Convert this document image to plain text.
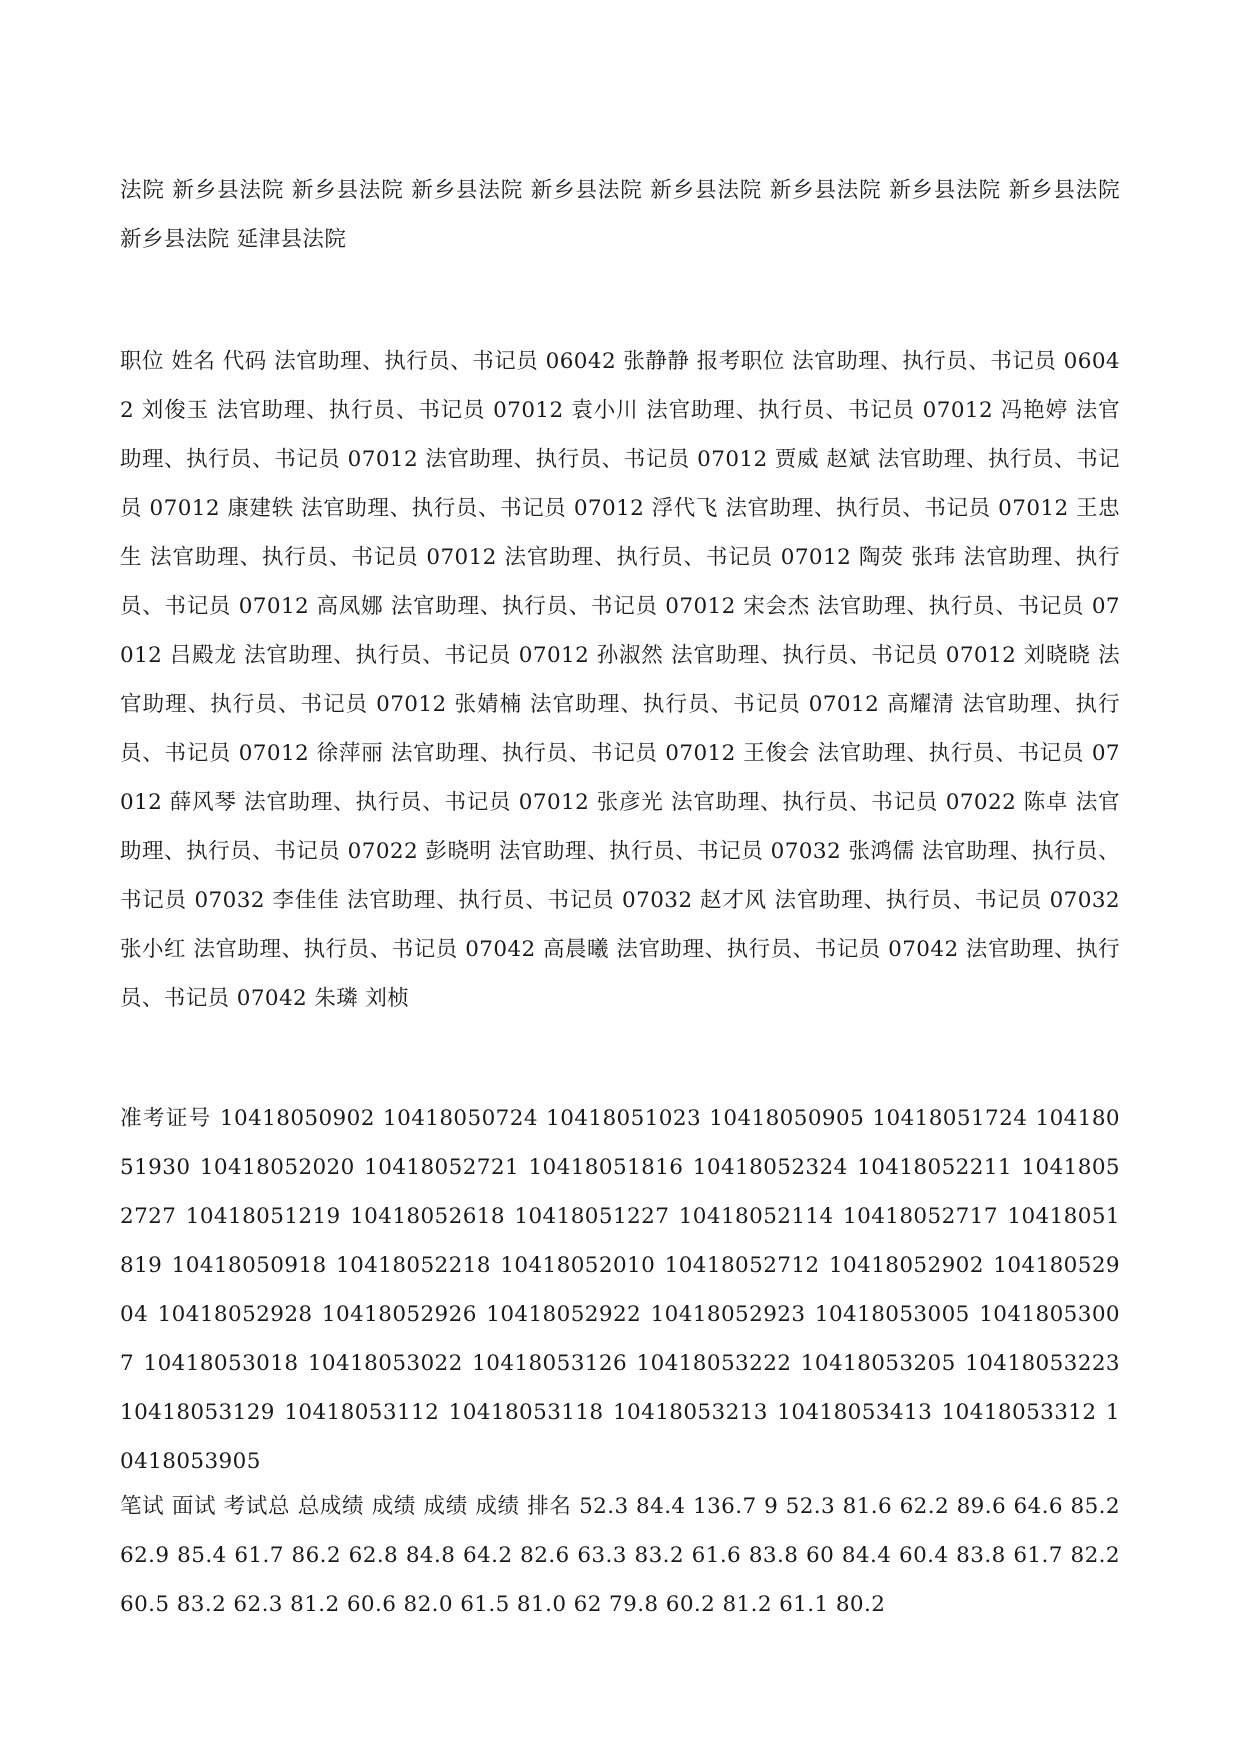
法院 新乡县法院 新乡县法院 新乡县法院 新乡县法院 新乡县法院 新乡县法院 新乡县法院 新乡县法院 新乡县法院 延津县法院

职位 姓名 代码 法官助理、执行员、书记员 06042 张静静 报考职位 法官助理、执行员、书记员 06042 刘俊玉 法官助理、执行员、书记员 07012 袁小川 法官助理、执行员、书记员 07012 冯艳婷 法官助理、执行员、书记员 07012 法官助理、执行员、书记员 07012 贾威 赵斌 法官助理、执行员、书记员 07012 康建轶 法官助理、执行员、书记员 07012 浮代飞 法官助理、执行员、书记员 07012 王忠生 法官助理、执行员、书记员 07012 法官助理、执行员、书记员 07012 陶荧 张玮 法官助理、执行员、书记员 07012 高凤娜 法官助理、执行员、书记员 07012 宋会杰 法官助理、执行员、书记员 07012 吕殿龙 法官助理、执行员、书记员 07012 孙淑然 法官助理、执行员、书记员 07012 刘晓晓 法官助理、执行员、书记员 07012 张婧楠 法官助理、执行员、书记员 07012 高耀清 法官助理、执行员、书记员 07012 徐萍丽 法官助理、执行员、书记员 07012 王俊会 法官助理、执行员、书记员 07012 薛风琴 法官助理、执行员、书记员 07012 张彦光 法官助理、执行员、书记员 07022 陈卓 法官助理、执行员、书记员 07022 彭晓明 法官助理、执行员、书记员 07032 张鸿儒 法官助理、执行员、书记员 07032 李佳佳 法官助理、执行员、书记员 07032 赵才风 法官助理、执行员、书记员 07032 张小红 法官助理、执行员、书记员 07042 高晨曦 法官助理、执行员、书记员 07042 法官助理、执行员、书记员 07042 朱璘 刘桢

准考证号 10418050902 10418050724 10418051023 10418050905 10418051724 10418051930 10418052020 10418052721 10418051816 10418052324 10418052211 10418052727 10418051219 10418052618 10418051227 10418052114 10418052717 10418051819 10418050918 10418052218 10418052010 10418052712 10418052902 10418052904 10418052928 10418052926 10418052922 10418052923 10418053005 10418053007 10418053018 10418053022 10418053126 10418053222 10418053205 10418053223 10418053129 10418053112 10418053118 10418053213 10418053413 10418053312 10418053905

笔试 面试 考试总 总成绩 成绩 成绩 成绩 排名 52.3 84.4 136.7 9 52.3 81.6 62.2 89.6 64.6 85.2 62.9 85.4 61.7 86.2 62.8 84.8 64.2 82.6 63.3 83.2 61.6 83.8 60 84.4 60.4 83.8 61.7 82.2 60.5 83.2 62.3 81.2 60.6 82.0 61.5 81.0 62 79.8 60.2 81.2 61.1 80.2
